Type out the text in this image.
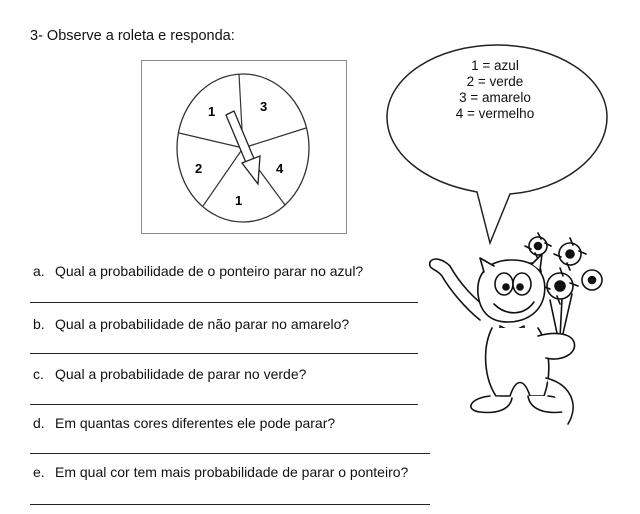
3- Observe a roleta e responda:
1	3
4
1
2
1 = azul
2 = verde
3 = amarelo
4 = vermelho
a. Qual a probabilidade de o ponteiro parar no azul?
b. Qual a probabilidade de não parar no amarelo?
c. Qual a probabilidade de parar no verde?
d. Em quantas cores diferentes ele pode parar?
e. Em qual cor tem mais probabilidade de parar o ponteiro?
